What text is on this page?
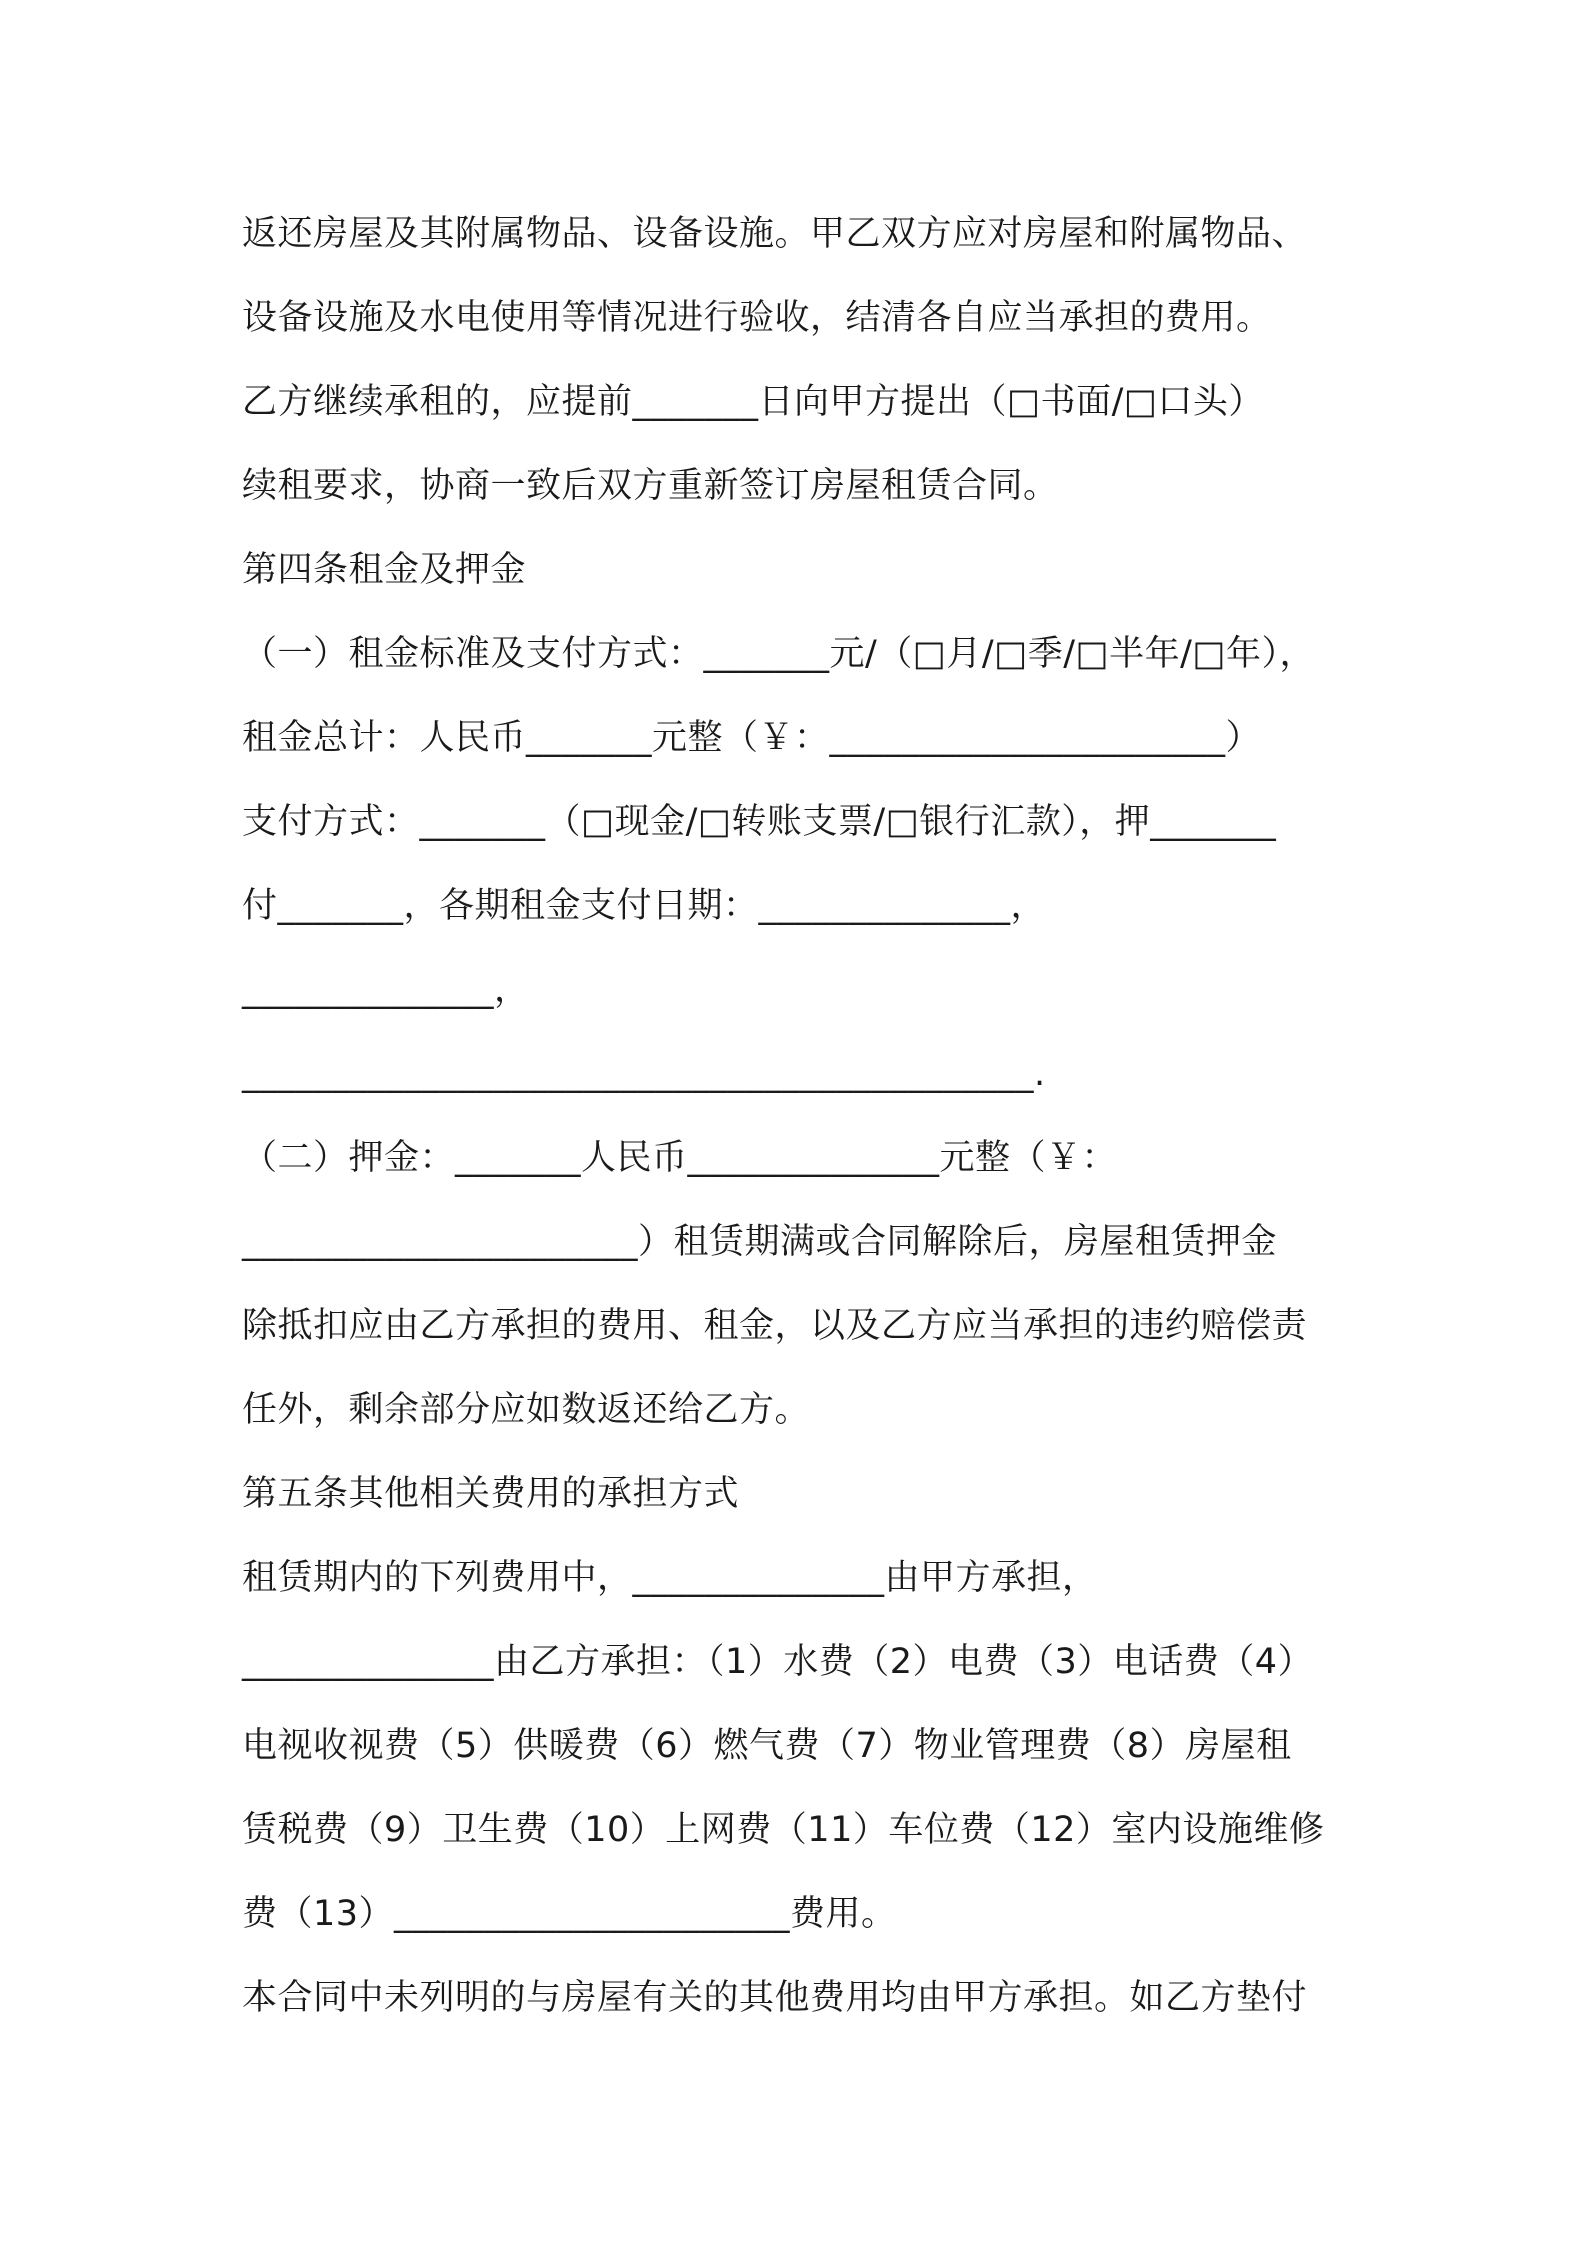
返还房屋及其附属物品、设备设施。甲乙双方应对房屋和附属物品、
设备设施及水电使用等情况进行验收，结清各自应当承担的费用。
乙方继续承租的，应提前_______日向甲方提出（□书面/□口头）
续租要求，协商一致后双方重新签订房屋租赁合同。
第四条租金及押金
（一）租金标准及支付方式：_______元/（□月/□季/□半年/□年），
租金总计：人民币_______元整（￥：______________________）
支付方式：_______（□现金/□转账支票/□银行汇款），押_______
付_______，各期租金支付日期：______________，
______________，
____________________________________________.
（二）押金：_______人民币______________元整（￥：
______________________）租赁期满或合同解除后，房屋租赁押金
除抵扣应由乙方承担的费用、租金，以及乙方应当承担的违约赔偿责
任外，剩余部分应如数返还给乙方。
第五条其他相关费用的承担方式
租赁期内的下列费用中，______________由甲方承担，
______________由乙方承担：（1）水费（2）电费（3）电话费（4）
电视收视费（5）供暖费（6）燃气费（7）物业管理费（8）房屋租
赁税费（9）卫生费（10）上网费（11）车位费（12）室内设施维修
费（13）______________________费用。
本合同中未列明的与房屋有关的其他费用均由甲方承担。如乙方垫付
